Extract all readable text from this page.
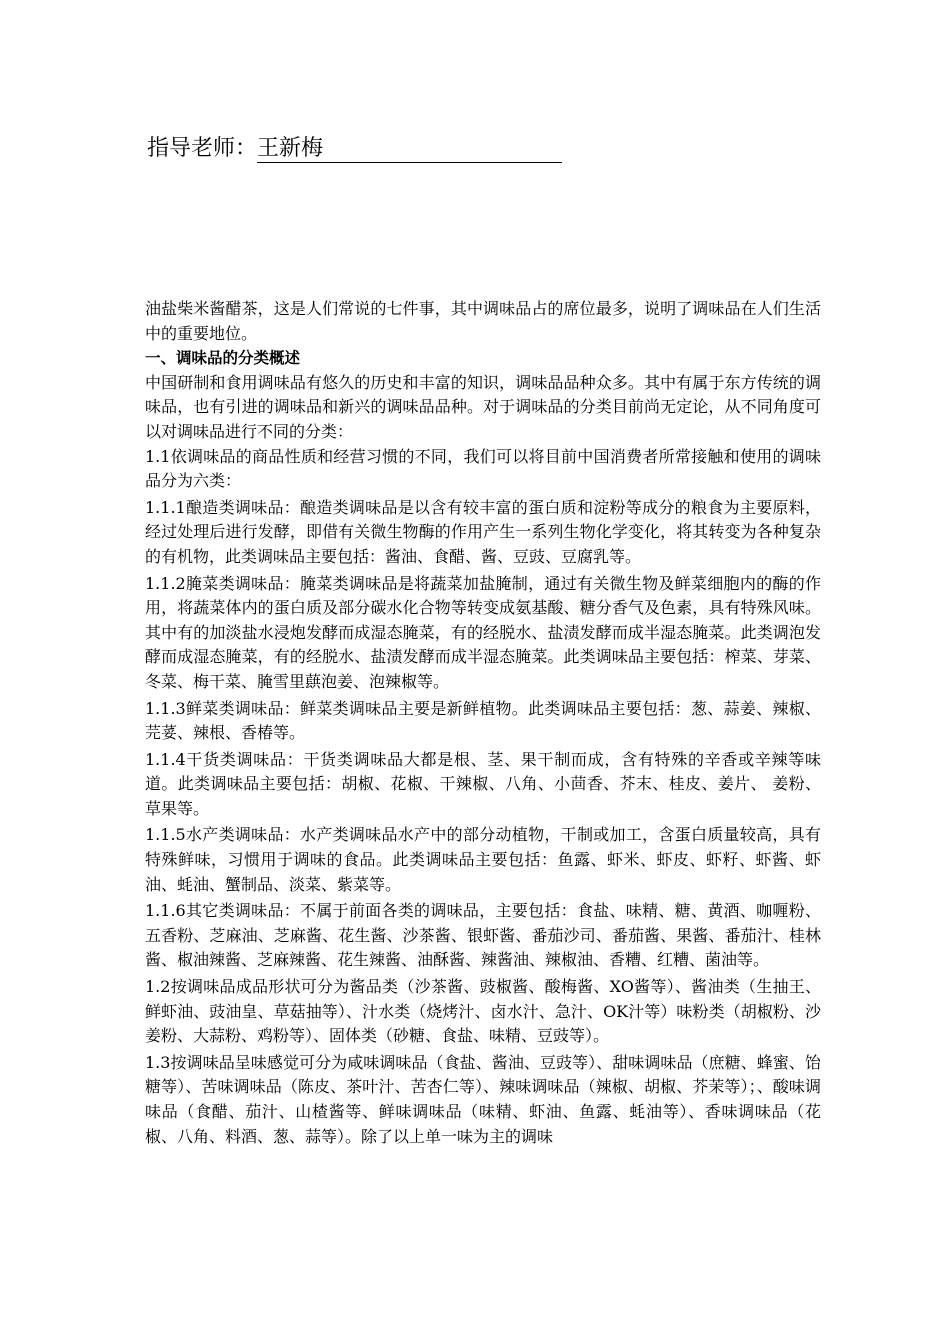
指导老师：王新梅

油盐柴米酱醋茶，这是人们常说的七件事，其中调味品占的席位最多，说明了调味品在人们生活中的重要地位。

一、调味品的分类概述

中国研制和食用调味品有悠久的历史和丰富的知识，调味品品种众多。其中有属于东方传统的调味品，也有引进的调味品和新兴的调味品品种。对于调味品的分类目前尚无定论，从不同角度可以对调味品进行不同的分类：

1.1依调味品的商品性质和经营习惯的不同，我们可以将目前中国消费者所常接触和使用的调味品分为六类：

1.1.1酿造类调味品：酿造类调味品是以含有较丰富的蛋白质和淀粉等成分的粮食为主要原料，经过处理后进行发酵，即借有关微生物酶的作用产生一系列生物化学变化，将其转变为各种复杂的有机物，此类调味品主要包括：酱油、食醋、酱、豆豉、豆腐乳等。

1.1.2腌菜类调味品：腌菜类调味品是将蔬菜加盐腌制，通过有关微生物及鲜菜细胞内的酶的作用，将蔬菜体内的蛋白质及部分碳水化合物等转变成氨基酸、糖分香气及色素，具有特殊风味。其中有的加淡盐水浸炮发酵而成湿态腌菜，有的经脱水、盐渍发酵而成半湿态腌菜。此类调泡发酵而成湿态腌菜，有的经脱水、盐渍发酵而成半湿态腌菜。此类调味品主要包括：榨菜、芽菜、冬菜、梅干菜、腌雪里蕻泡姜、泡辣椒等。

1.1.3鲜菜类调味品：鲜菜类调味品主要是新鲜植物。此类调味品主要包括：葱、蒜姜、辣椒、芫荽、辣根、香椿等。

1.1.4干货类调味品：干货类调味品大都是根、茎、果干制而成，含有特殊的辛香或辛辣等味道。此类调味品主要包括：胡椒、花椒、干辣椒、八角、小茴香、芥末、桂皮、姜片、 姜粉、草果等。

1.1.5水产类调味品：水产类调味品水产中的部分动植物，干制或加工，含蛋白质量较高，具有特殊鲜味，习惯用于调味的食品。此类调味品主要包括：鱼露、虾米、虾皮、虾籽、虾酱、虾油、蚝油、蟹制品、淡菜、紫菜等。

1.1.6其它类调味品：不属于前面各类的调味品，主要包括：食盐、味精、糖、黄酒、咖喱粉、五香粉、芝麻油、芝麻酱、花生酱、沙茶酱、银虾酱、番茄沙司、番茄酱、果酱、番茄汁、桂林酱、椒油辣酱、芝麻辣酱、花生辣酱、油酥酱、辣酱油、辣椒油、香糟、红糟、菌油等。

1.2按调味品成品形状可分为酱品类（沙茶酱、豉椒酱、酸梅酱、XO酱等）、酱油类（生抽王、鲜虾油、豉油皇、草菇抽等）、汁水类（烧烤汁、卤水汁、急汁、OK汁等）味粉类（胡椒粉、沙姜粉、大蒜粉、鸡粉等）、固体类（砂糖、食盐、味精、豆豉等）。

1.3按调味品呈味感觉可分为咸味调味品（食盐、酱油、豆豉等）、甜味调味品（庶糖、蜂蜜、饴糖等）、苦味调味品（陈皮、茶叶汁、苦杏仁等）、辣味调味品（辣椒、胡椒、芥茉等）；、酸味调味品（食醋、茄汁、山楂酱等、鲜味调味品（味精、虾油、鱼露、蚝油等）、香味调味品（花椒、八角、料酒、葱、蒜等）。除了以上单一味为主的调味
